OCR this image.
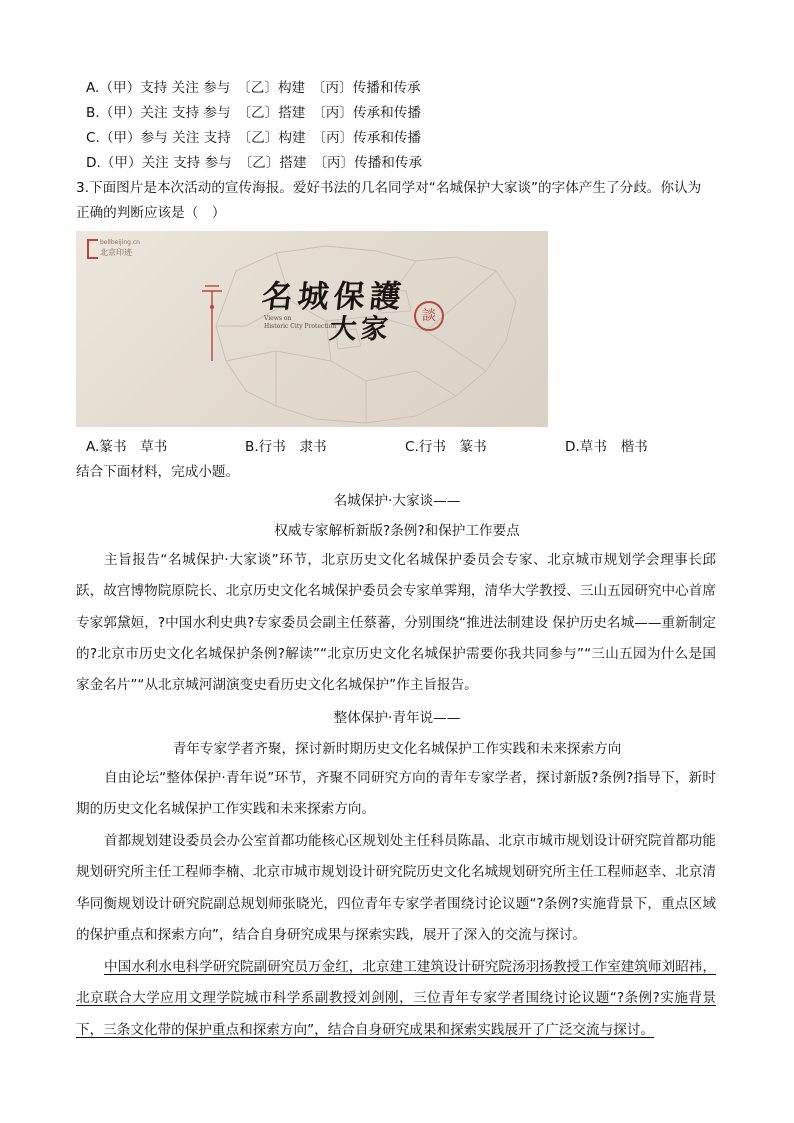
A.（甲）支持 关注 参与　〔乙〕构建　〔丙〕传播和传承
B.（甲）关注 支持 参与　〔乙〕搭建　〔丙〕传承和传播
C.（甲）参与 关注 支持　〔乙〕构建　〔丙〕传承和传播
D.（甲）关注 支持 参与　〔乙〕搭建　〔丙〕传播和传承
3.下面图片是本次活动的宣传海报。爱好书法的几名同学对“名城保护大家谈”的字体产生了分歧。你认为
正确的判断应该是（　）
bellbeijing.cn
北京印迹
名城保護
大家	談
Views on
Historic City Protection
A.篆书　草书	B.行书　隶书	C.行书　篆书	D.草书　楷书
结合下面材料，完成小题。
名城保护·大家谈——
权威专家解析新版?条例?和保护工作要点
主旨报告“名城保护·大家谈”环节，北京历史文化名城保护委员会专家、北京城市规划学会理事长邱跃，故宫博物院原院长、北京历史文化名城保护委员会专家单霁翔，清华大学教授、三山五园研究中心首席专家郭黛姮，?中国水利史典?专家委员会副主任蔡蕃，分别围绕“推进法制建设 保护历史名城——重新制定的?北京市历史文化名城保护条例?解读”“北京历史文化名城保护需要你我共同参与”“三山五园为什么是国家金名片”“从北京城河湖演变史看历史文化名城保护”作主旨报告。
整体保护·青年说——
青年专家学者齐聚，探讨新时期历史文化名城保护工作实践和未来探索方向
自由论坛“整体保护·青年说”环节，齐聚不同研究方向的青年专家学者，探讨新版?条例?指导下，新时期的历史文化名城保护工作实践和未来探索方向。
首都规划建设委员会办公室首都功能核心区规划处主任科员陈晶、北京市城市规划设计研究院首都功能规划研究所主任工程师李楠、北京市城市规划设计研究院历史文化名城规划研究所主任工程师赵幸、北京清华同衡规划设计研究院副总规划师张晓光，四位青年专家学者围绕讨论议题“?条例?实施背景下，重点区域的保护重点和探索方向”，结合自身研究成果与探索实践，展开了深入的交流与探讨。
中国水利水电科学研究院副研究员万金红，北京建工建筑设计研究院汤羽扬教授工作室建筑师刘昭祎，北京联合大学应用文理学院城市科学系副教授刘剑刚，三位青年专家学者围绕讨论议题“?条例?实施背景下，三条文化带的保护重点和探索方向”，结合自身研究成果和探索实践展开了广泛交流与探讨。
